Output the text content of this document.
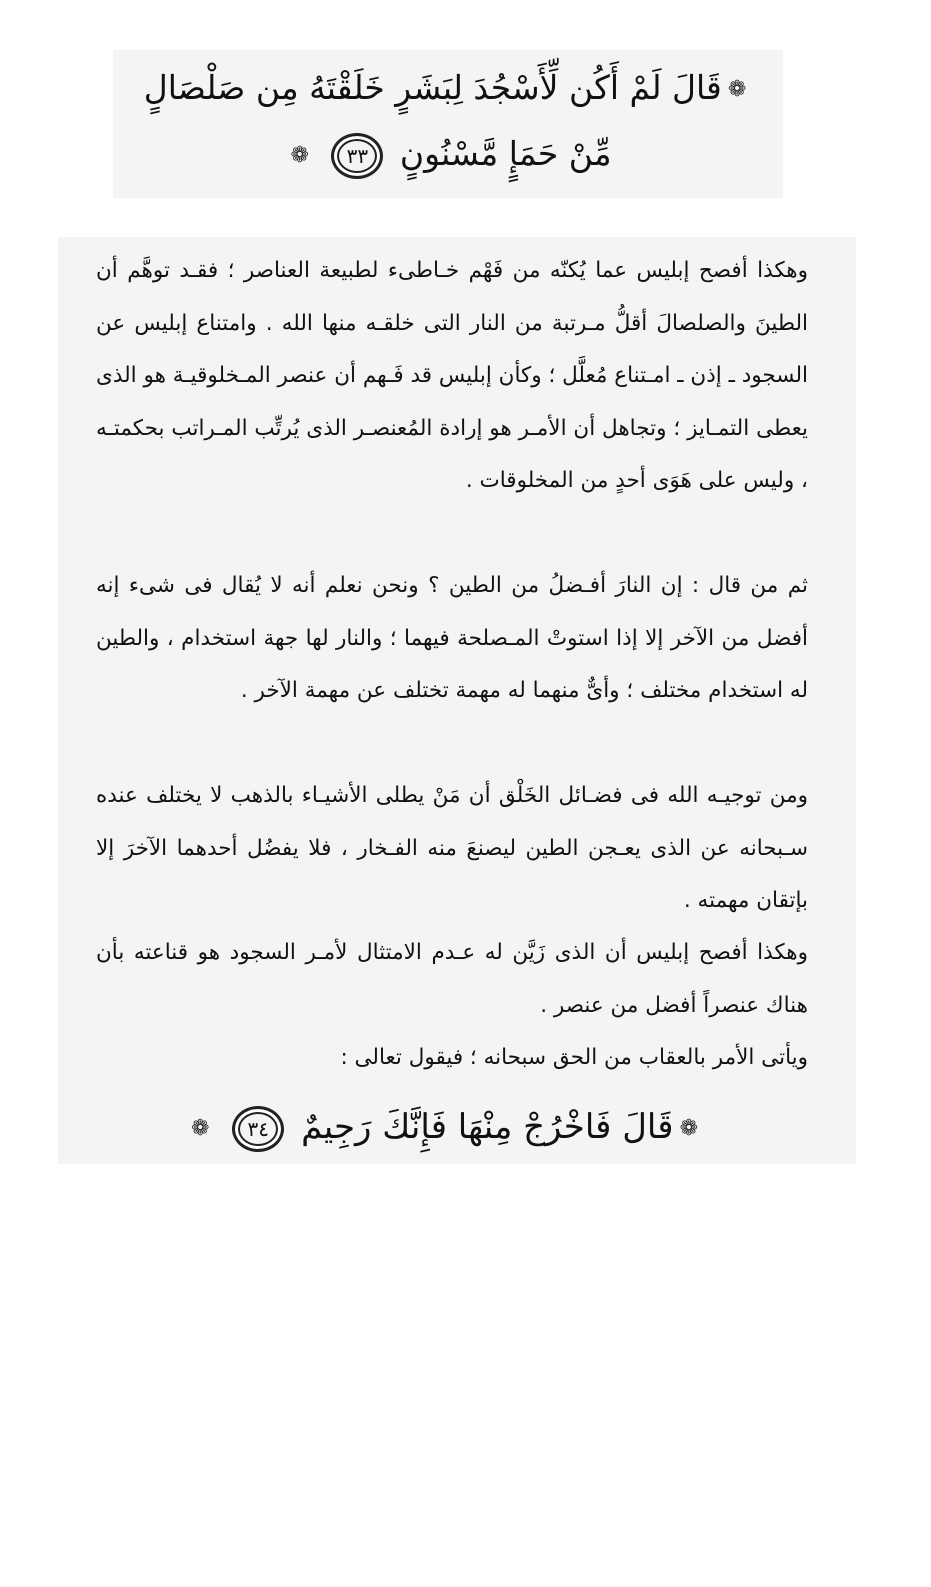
❁قَالَ لَمْ أَكُن لِّأَسْجُدَ لِبَشَرٍ خَلَقْتَهُ مِن صَلْصَالٍ
مِّنْ حَمَإٍ مَّسْنُونٍ ٣٣ ❁
وهكذا أفصح إبليس عما يُكنّه من فَهْم خـاطىء لطبيعة العناصر ؛ فقـد توهَّم أن الطينَ والصلصالَ أقلُّ مـرتبة من النار التى خلقـه منها الله . وامتناع إبليس عن السجود ـ إذن ـ امـتناع مُعلَّل ؛ وكأن إبليس قد فَـهم أن عنصر المـخلوقيـة هو الذى يعطى التمـايز ؛ وتجاهل أن الأمـر هو إرادة المُعنصـر الذى يُرتِّب المـراتب بحكمتـه ، وليس على هَوَى أحدٍ من المخلوقات .
ثم من قال : إن النارَ أفـضلُ من الطين ؟ ونحن نعلم أنه لا يُقال فى شىء إنه أفضل من الآخر إلا إذا استوتْ المـصلحة فيهما ؛ والنار لها جهة استخدام ، والطين له استخدام مختلف ؛ وأىٌّ منهما له مهمة تختلف عن مهمة الآخر .
ومن توجيـه الله فى فضـائل الخَلْق أن مَنْ يطلى الأشيـاء بالذهب لا يختلف عنده سـبحانه عن الذى يعـجن الطين ليصنعَ منه الفـخار ، فلا يفضُل أحدهما الآخرَ إلا بإتقان مهمته .
وهكذا أفصح إبليس أن الذى زَيَّن له عـدم الامتثال لأمـر السجود هو قناعته بأن هناك عنصراً أفضل من عنصر .
ويأتى الأمر بالعقاب من الحق سبحانه ؛ فيقول تعالى :
❁قَالَ فَاخْرُجْ مِنْهَا فَإِنَّكَ رَجِيمٌ ٣٤ ❁
